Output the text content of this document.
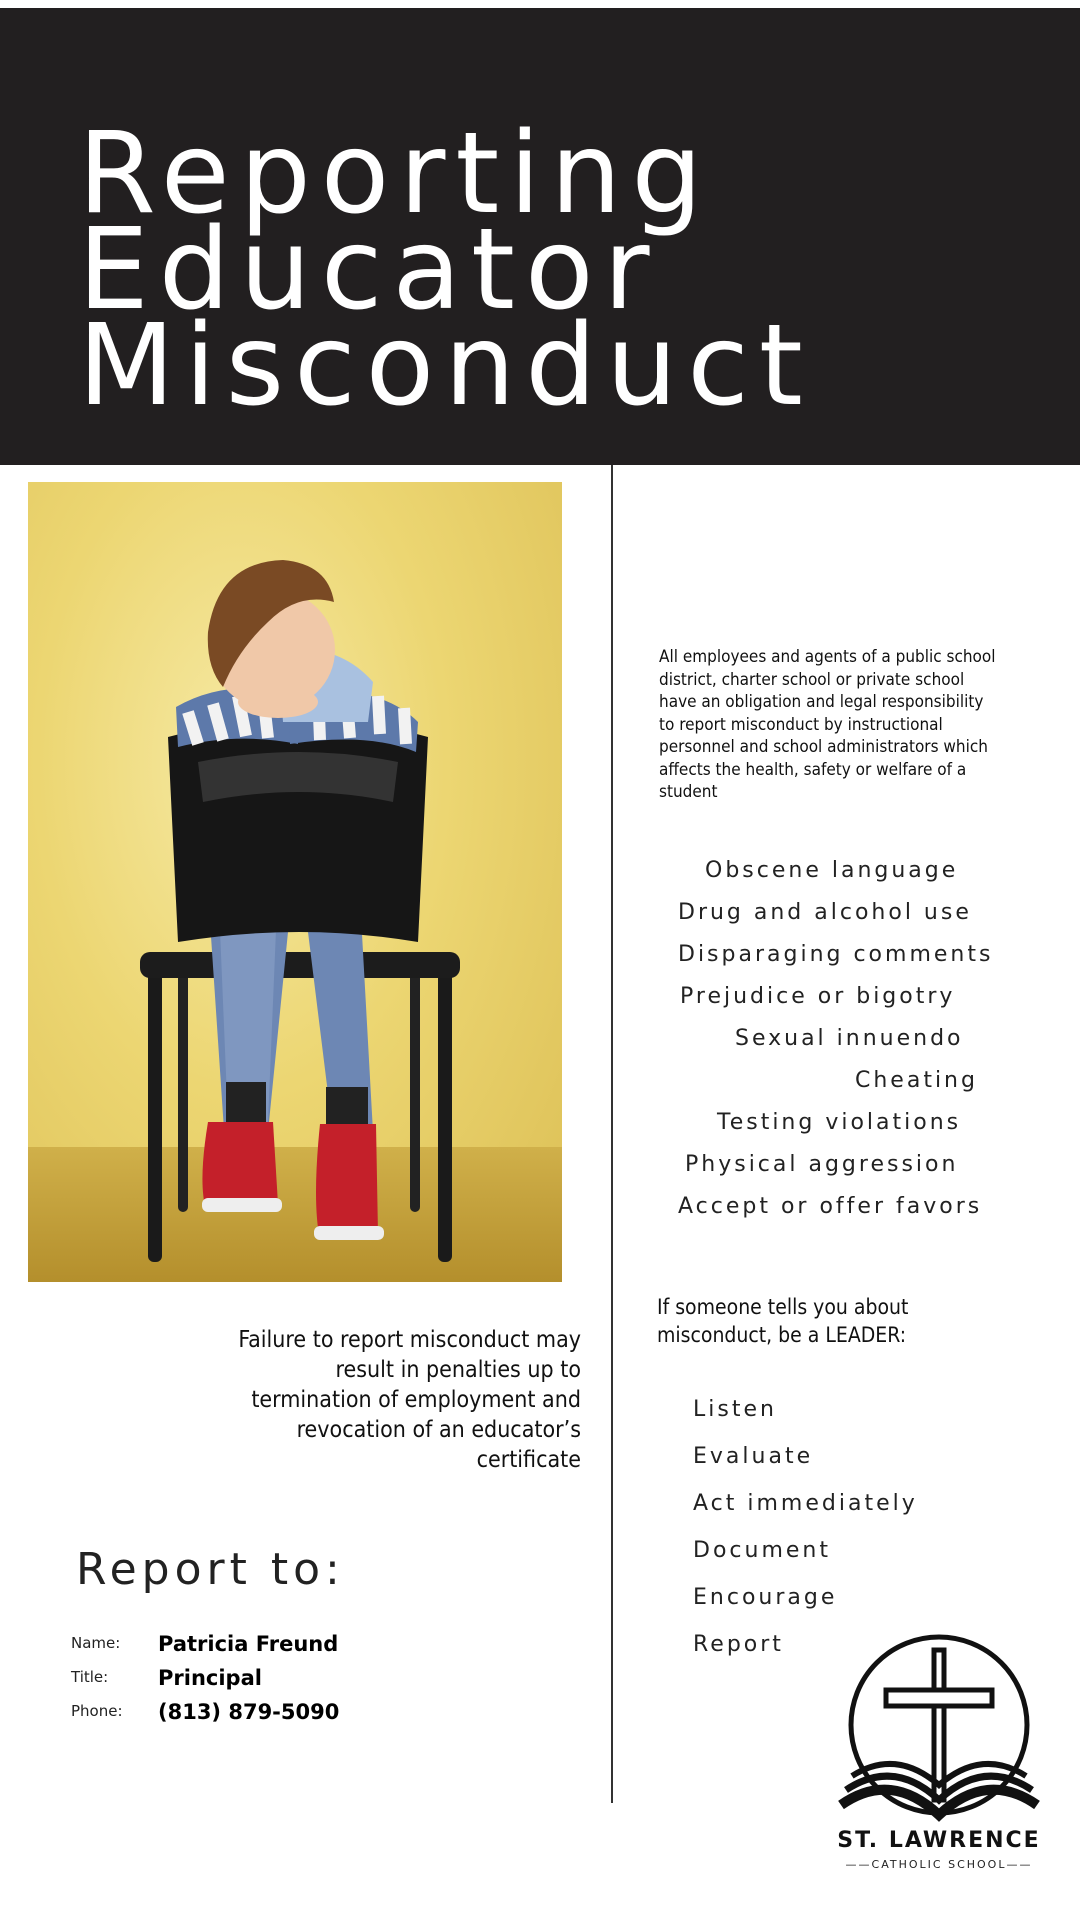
Reporting
Educator
Misconduct

Failure to report misconduct may result in penalties up to termination of employment and revocation of an educator’s certificate

Report to:
Name: Patricia Freund
Title: Principal
Phone: (813) 879-5090

All employees and agents of a public school district, charter school or private school have an obligation and legal responsibility to report misconduct by instructional personnel and school administrators which affects the health, safety or welfare of a student

Obscene language
Drug and alcohol use
Disparaging comments
Prejudice or bigotry
Sexual innuendo
Cheating
Testing violations
Physical aggression
Accept or offer favors

If someone tells you about misconduct, be a LEADER:

Listen
Evaluate
Act immediately
Document
Encourage
Report
ST. LAWRENCE
——CATHOLIC SCHOOL——
